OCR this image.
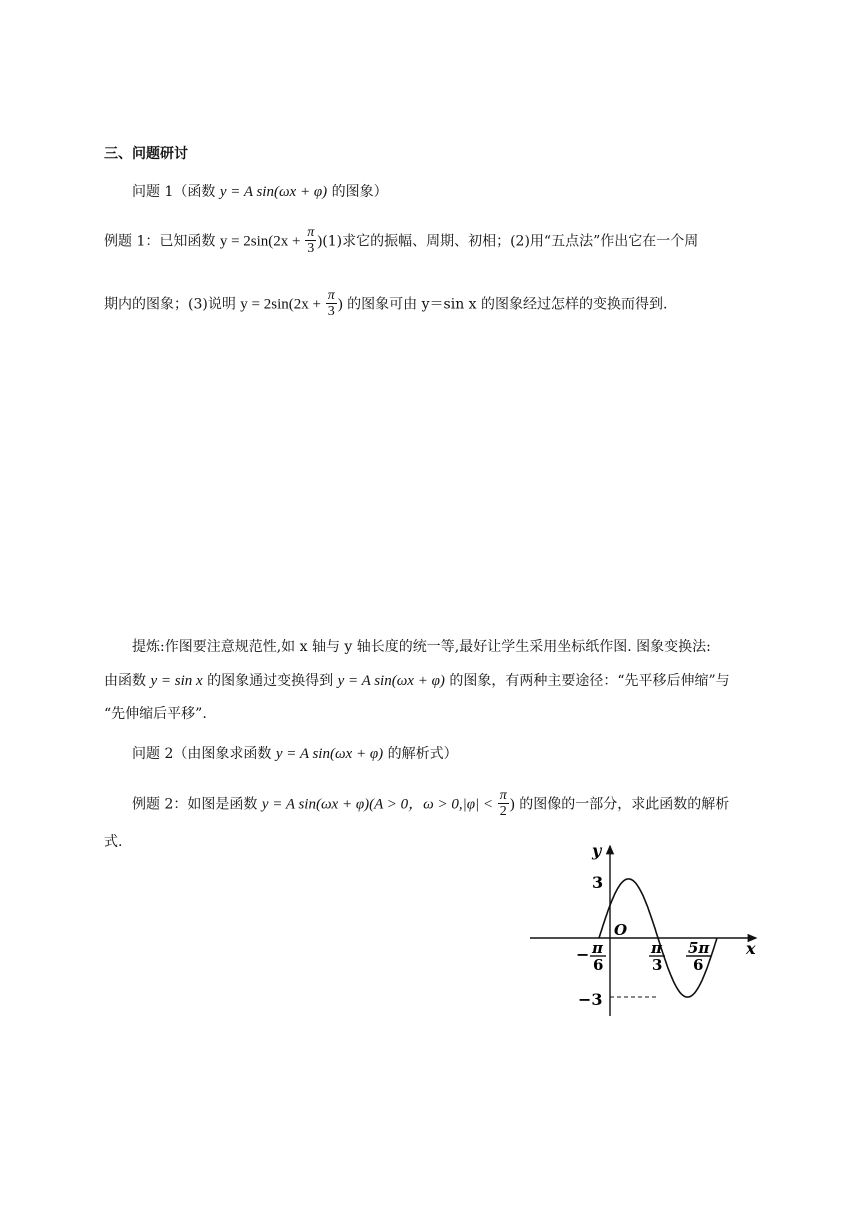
三、问题研讨
问题 1（函数 y = A sin(ωx + φ) 的图象）
例题 1：已知函数 $y = 2\sin(2x + \frac{\pi}{3} )(1)$求它的振幅、周期、初相；(2)用“五点法”作出它在一个周
期内的图象；(3)说明 $y = 2\sin(2x + \frac{\pi}{3}$ ) 的图象可由 y＝sin x 的图象经过怎样的变换而得到.
提炼:作图要注意规范性,如 x 轴与 y 轴长度的统一等,最好让学生采用坐标纸作图. 图象变换法:
由函数 y = sin x 的图象通过变换得到 y = A sin(ωx + φ) 的图象，有两种主要途径：“先平移后伸缩”与
“先伸缩后平移”.
问题 2（由图象求函数 y = A sin(ωx + φ) 的解析式）
例题 2：如图是函数 y = A sin(ωx + φ)(A > 0，$\omega > 0,|\varphi| < \frac{\pi}{2}$ ) 的图像的一部分，求此函数的解析
式.	y
x
O
3
−3
− π
6
π
3
5π
6
